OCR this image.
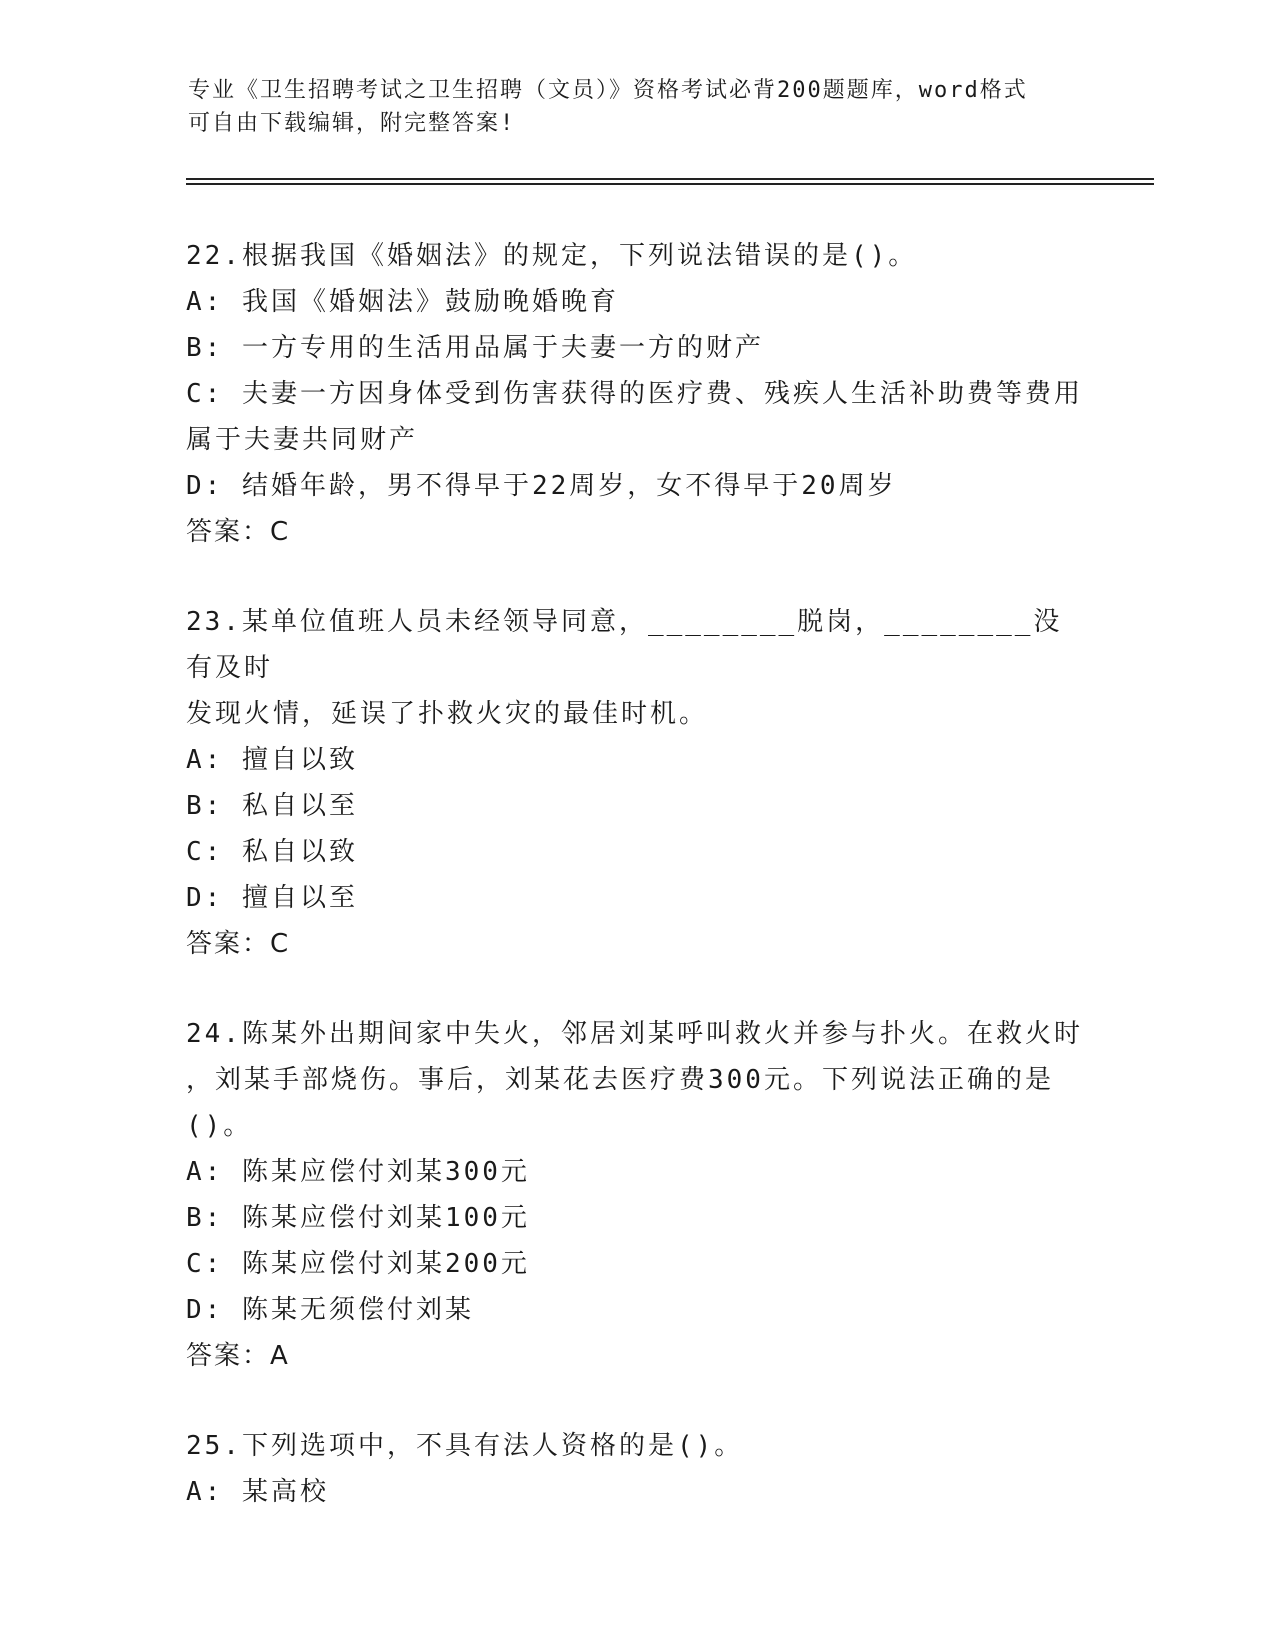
专业《卫生招聘考试之卫生招聘（文员）》资格考试必背200题题库，word格式
可自由下载编辑，附完整答案!
22.根据我国《婚姻法》的规定，下列说法错误的是()。
A: 我国《婚姻法》鼓励晚婚晚育
B: 一方专用的生活用品属于夫妻一方的财产
C: 夫妻一方因身体受到伤害获得的医疗费、残疾人生活补助费等费用
属于夫妻共同财产
D: 结婚年龄，男不得早于22周岁，女不得早于20周岁
答案：C
23.某单位值班人员未经领导同意，________脱岗，________没有及时
发现火情，延误了扑救火灾的最佳时机。
A: 擅自以致
B: 私自以至
C: 私自以致
D: 擅自以至
答案：C
24.陈某外出期间家中失火，邻居刘某呼叫救火并参与扑火。在救火时
，刘某手部烧伤。事后，刘某花去医疗费300元。下列说法正确的是
()。
A: 陈某应偿付刘某300元
B: 陈某应偿付刘某100元
C: 陈某应偿付刘某200元
D: 陈某无须偿付刘某
答案：A
25.下列选项中，不具有法人资格的是()。
A: 某高校
